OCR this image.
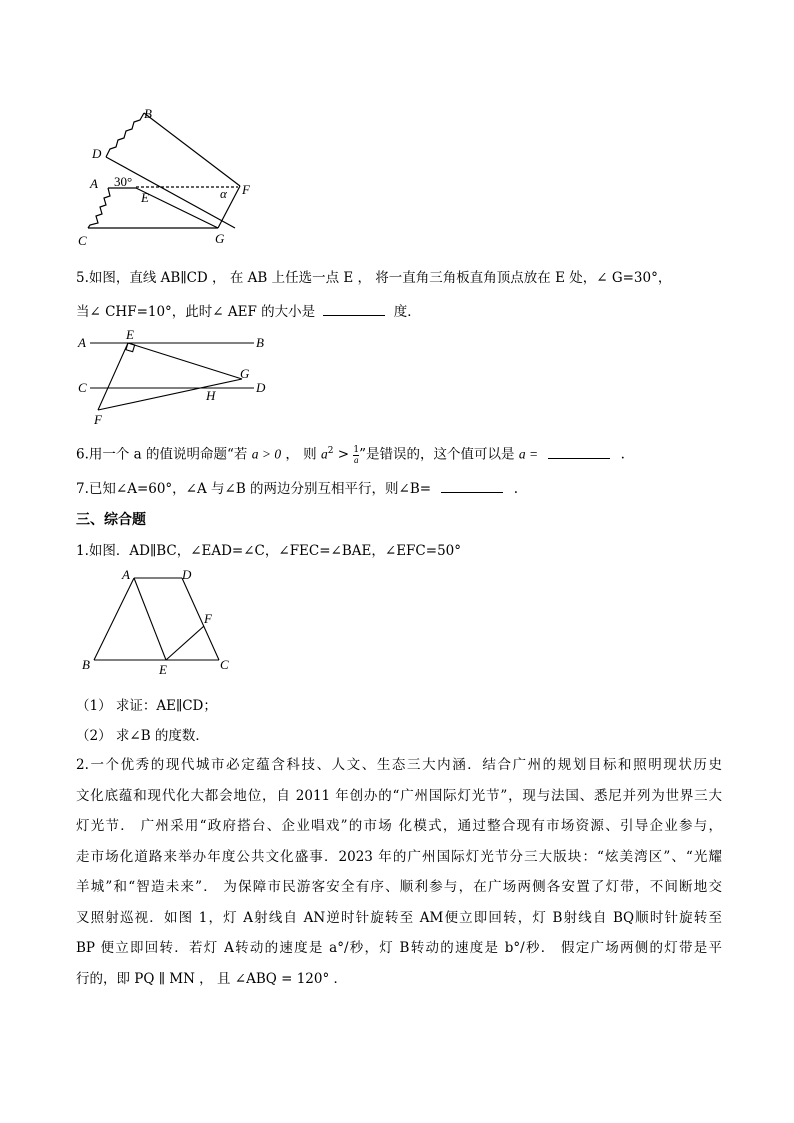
B
D
A 30°
E	α F
C	G
5.如图，直线 AB∥CD ， 在 AB 上任选一点 E ， 将一直角三角板直角顶点放在 E 处，∠ G=30°，
当∠ CHF=10°，此时∠ AEF 的大小是	度．
A
E
B
C
G
D
F
H
6.用一个 a 的值说明命题“若 a > 0 ， 则 $a^2 > \frac{1}{a}$ ”是错误的，这个值可以是 a =	.
7.已知∠A=60°，∠A 与∠B 的两边分别互相平行，则∠B=	.
三、综合题
1.如图．AD∥BC，∠EAD=∠C，∠FEC=∠BAE，∠EFC=50°
A	D
F
B	E	C
（1） 求证：AE∥CD；
（2） 求∠B 的度数．

2.一个优秀的现代城市必定蕴含科技、人文、生态三大内涵．结合广州的规划目标和照明现状历史

文化底蕴和现代化大都会地位，自 2011 年创办的“广州国际灯光节”，现与法国、悉尼并列为世界三大

灯光节． 广州采用“政府搭台、企业唱戏”的市场 化模式，通过整合现有市场资源、引导企业参与，

走市场化道路来举办年度公共文化盛事．2023 年的广州国际灯光节分三大版块：“炫美湾区”、“光耀

羊城”和“智造未来”． 为保障市民游客安全有序、顺利参与，在广场两侧各安置了灯带，不间断地交

叉照射巡视．如图 1，灯 A射线自 AN逆时针旋转至 AM便立即回转，灯 B射线自 BQ顺时针旋转至

BP 便立即回转．若灯 A转动的速度是 a°/秒，灯 B转动的速度是 b°/秒． 假定广场两侧的灯带是平

行的，即 PQ ∥ MN ， 且 ∠ABQ = 120° ．
